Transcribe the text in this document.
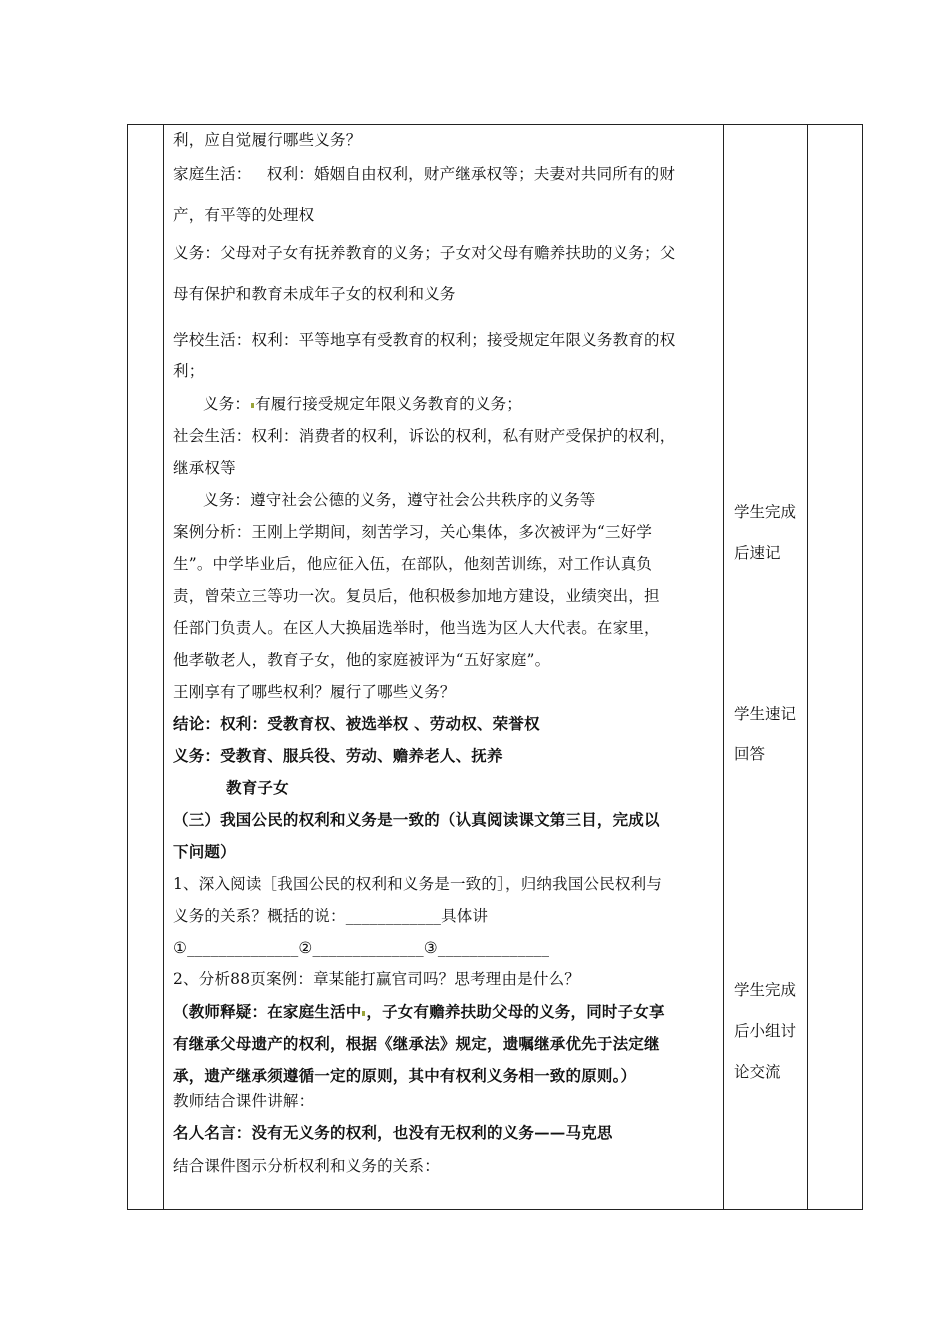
利，应自觉履行哪些义务？
家庭生活：   权利：婚姻自由权利，财产继承权等；夫妻对共同所有的财
产，有平等的处理权
义务：父母对子女有抚养教育的义务；子女对父母有赡养扶助的义务；父
母有保护和教育未成年子女的权利和义务
学校生活：权利：平等地享有受教育的权利；接受规定年限义务教育的权
利；
义务： 有履行接受规定年限义务教育的义务；
社会生活：权利：消费者的权利，诉讼的权利，私有财产受保护的权利，
继承权等
义务：遵守社会公德的义务，遵守社会公共秩序的义务等
案例分析：王刚上学期间，刻苦学习，关心集体，多次被评为“三好学
生”。中学毕业后，他应征入伍，在部队，他刻苦训练，对工作认真负
责，曾荣立三等功一次。复员后，他积极参加地方建设，业绩突出，担
任部门负责人。在区人大换届选举时，他当选为区人大代表。在家里，
他孝敬老人，教育子女，他的家庭被评为“五好家庭”。
王刚享有了哪些权利？履行了哪些义务？
结论：权利：受教育权、被选举权 、劳动权、荣誉权
义务：受教育、服兵役、劳动、赡养老人、抚养
教育子女
（三）我国公民的权利和义务是一致的（认真阅读课文第三目，完成以
下问题）
1、深入阅读［我国公民的权利和义务是一致的］，归纳我国公民权利与
义务的关系？概括的说：____________具体讲
①______________②______________③______________
2、分析88页案例：章某能打赢官司吗？思考理由是什么？
（教师释疑：在家庭生活中 ，子女有赡养扶助父母的义务，同时子女享
有继承父母遗产的权利，根据《继承法》规定，遗嘱继承优先于法定继
承，遗产继承须遵循一定的原则，其中有权利义务相一致的原则。）
教师结合课件讲解：
名人名言：没有无义务的权利，也没有无权利的义务——马克思
结合课件图示分析权利和义务的关系：
学生完成
后速记
学生速记
回答
学生完成
后小组讨
论交流
